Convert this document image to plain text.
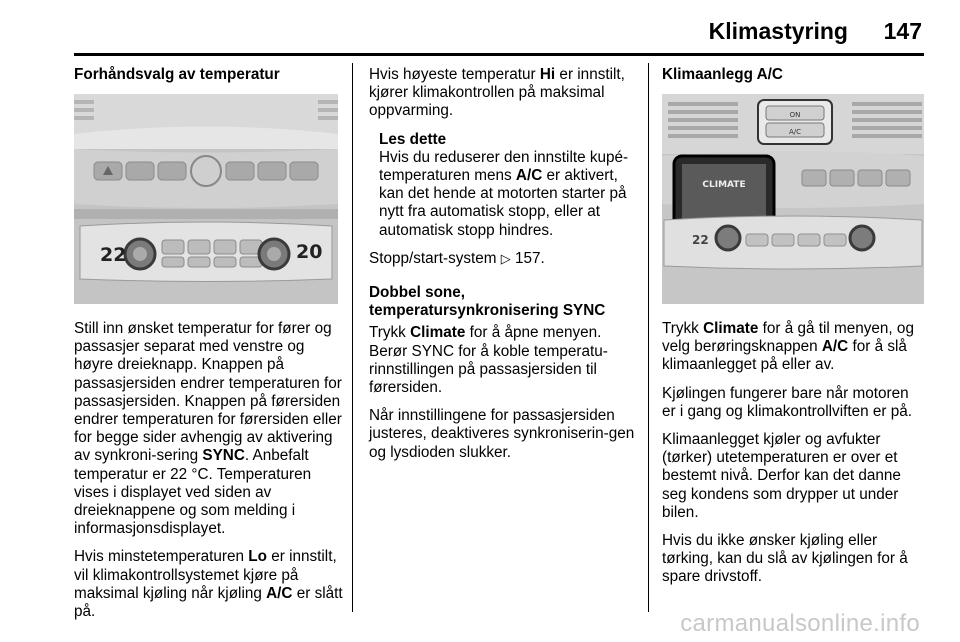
Klimastyring 147
Forhåndsvalg av temperatur
22	20

Still inn ønsket temperatur for fører og passasjer separat med venstre og høyre dreieknapp. Knappen på passasjersiden endrer temperaturen for passasjersiden. Knappen på førersiden endrer temperaturen for førersiden eller for begge sider avhengig av aktivering av synkroni‐sering SYNC. Anbefalt temperatur er 22 °C. Temperaturen vises i displayet ved siden av dreieknappene og som melding i informasjonsdisplayet.

Hvis minstetemperaturen Lo er innstilt, vil klimakontrollsystemet kjøre på maksimal kjøling når kjøling A/C er slått på.

Hvis høyeste temperatur Hi er innstilt, kjører klimakontrollen på maksimal oppvarming.

Les dette
Hvis du reduserer den innstilte kupé-temperaturen mens A/C er aktivert, kan det hende at motorten starter på nytt fra automatisk stopp, eller at automatisk stopp hindres.

Stopp/start-system ▷ 157.

Dobbel sone, temperatursynkronisering SYNC

Trykk Climate for å åpne menyen. Berør SYNC for å koble temperatu‐rinnstillingen på passasjersiden til førersiden.

Når innstillingene for passasjersiden justeres, deaktiveres synkroniserin‐gen og lysdioden slukker.

Klimaanlegg A/C
ON
A/C
CLIMATE
22

Trykk Climate for å gå til menyen, og velg berøringsknappen A/C for å slå klimaanlegget på eller av.

Kjølingen fungerer bare når motoren er i gang og klimakontrollviften er på.

Klimaanlegget kjøler og avfukter (tørker) utetemperaturen er over et bestemt nivå. Derfor kan det danne seg kondens som drypper ut under bilen.

Hvis du ikke ønsker kjøling eller tørking, kan du slå av kjølingen for å spare drivstoff.

carmanualsonline.info
